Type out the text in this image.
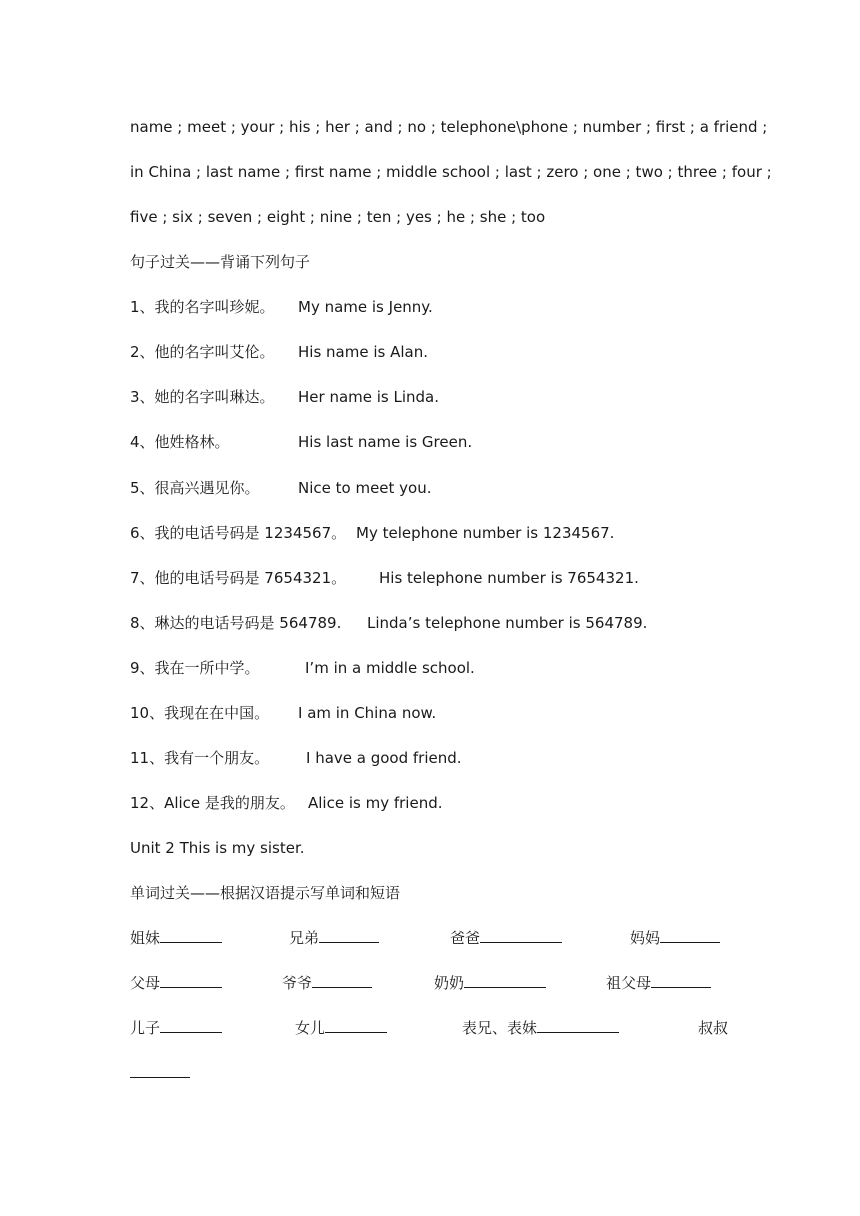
name ; meet ; your ; his ; her ; and ; no ; telephone\phone ; number ; first ; a friend ;
in China ; last name ; first name ; middle school ; last ; zero ; one ; two ; three ; four ;
five ; six ; seven ; eight ; nine ; ten ; yes ; he ; she ; too
句子过关——背诵下列句子
1、我的名字叫珍妮。 My name is Jenny.
2、他的名字叫艾伦。 His name is Alan.
3、她的名字叫琳达。 Her name is Linda.
4、他姓格林。	His last name is Green.
5、很高兴遇见你。	Nice to meet you.
6、我的电话号码是 1234567。 My telephone number is 1234567.
7、他的电话号码是 7654321。 His telephone number is 7654321.
8、琳达的电话号码是 564789. Linda’s telephone number is 564789.
9、我在一所中学。	I’m in a middle school.
10、我现在在中国。 I am in China now.
11、我有一个朋友。 I have a good friend.
12、Alice 是我的朋友。 Alice is my friend.
Unit 2 This is my sister.
单词过关——根据汉语提示写单词和短语
姐妹	兄弟	爸爸	妈妈
父母	爷爷	奶奶	祖父母
儿子	女儿	表兄、表妹	叔叔
